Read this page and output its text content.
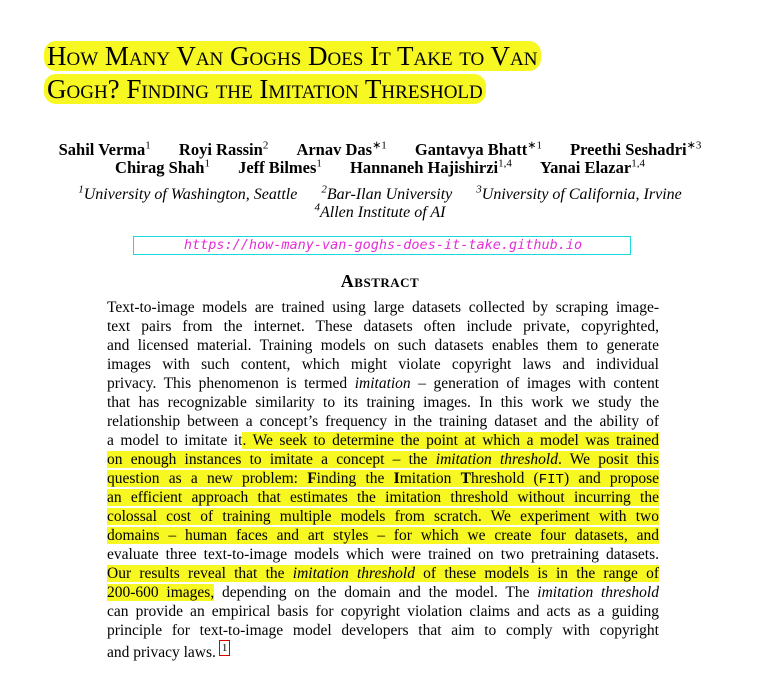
How Many Van Goghs Does It Take to Van
Gogh? Finding the Imitation Threshold
Sahil Verma$^1$ Royi Rassin$^2$ Arnav Das$^{∗1}$ Gantavya Bhatt$^{∗1}$ Preethi Seshadri$^{∗3}$
Chirag Shah$^1$ Jeff Bilmes$^1$ Hannaneh Hajishirzi$^{1,4}$ Yanai Elazar$^{1,4}$
$^1$University of Washington, Seattle $^2$Bar-Ilan University $^3$University of California, Irvine
$^4$Allen Institute of AI
https://how-many-van-goghs-does-it-take.github.io
Abstract
Text-to-image models are trained using large datasets collected by scraping image-
text pairs from the internet. These datasets often include private, copyrighted,
and licensed material. Training models on such datasets enables them to generate
images with such content, which might violate copyright laws and individual
privacy. This phenomenon is termed imitation – generation of images with content
that has recognizable similarity to its training images. In this work we study the
relationship between a concept’s frequency in the training dataset and the ability of
a model to imitate it. We seek to determine the point at which a model was trained
on enough instances to imitate a concept – the imitation threshold. We posit this
question as a new problem: Finding the Imitation Threshold (FIT) and propose
an efficient approach that estimates the imitation threshold without incurring the
colossal cost of training multiple models from scratch. We experiment with two
domains – human faces and art styles – for which we create four datasets, and
evaluate three text-to-image models which were trained on two pretraining datasets.
Our results reveal that the imitation threshold of these models is in the range of
200-600 images, depending on the domain and the model. The imitation threshold
can provide an empirical basis for copyright violation claims and acts as a guiding
principle for text-to-image model developers that aim to comply with copyright
and privacy laws. 1
